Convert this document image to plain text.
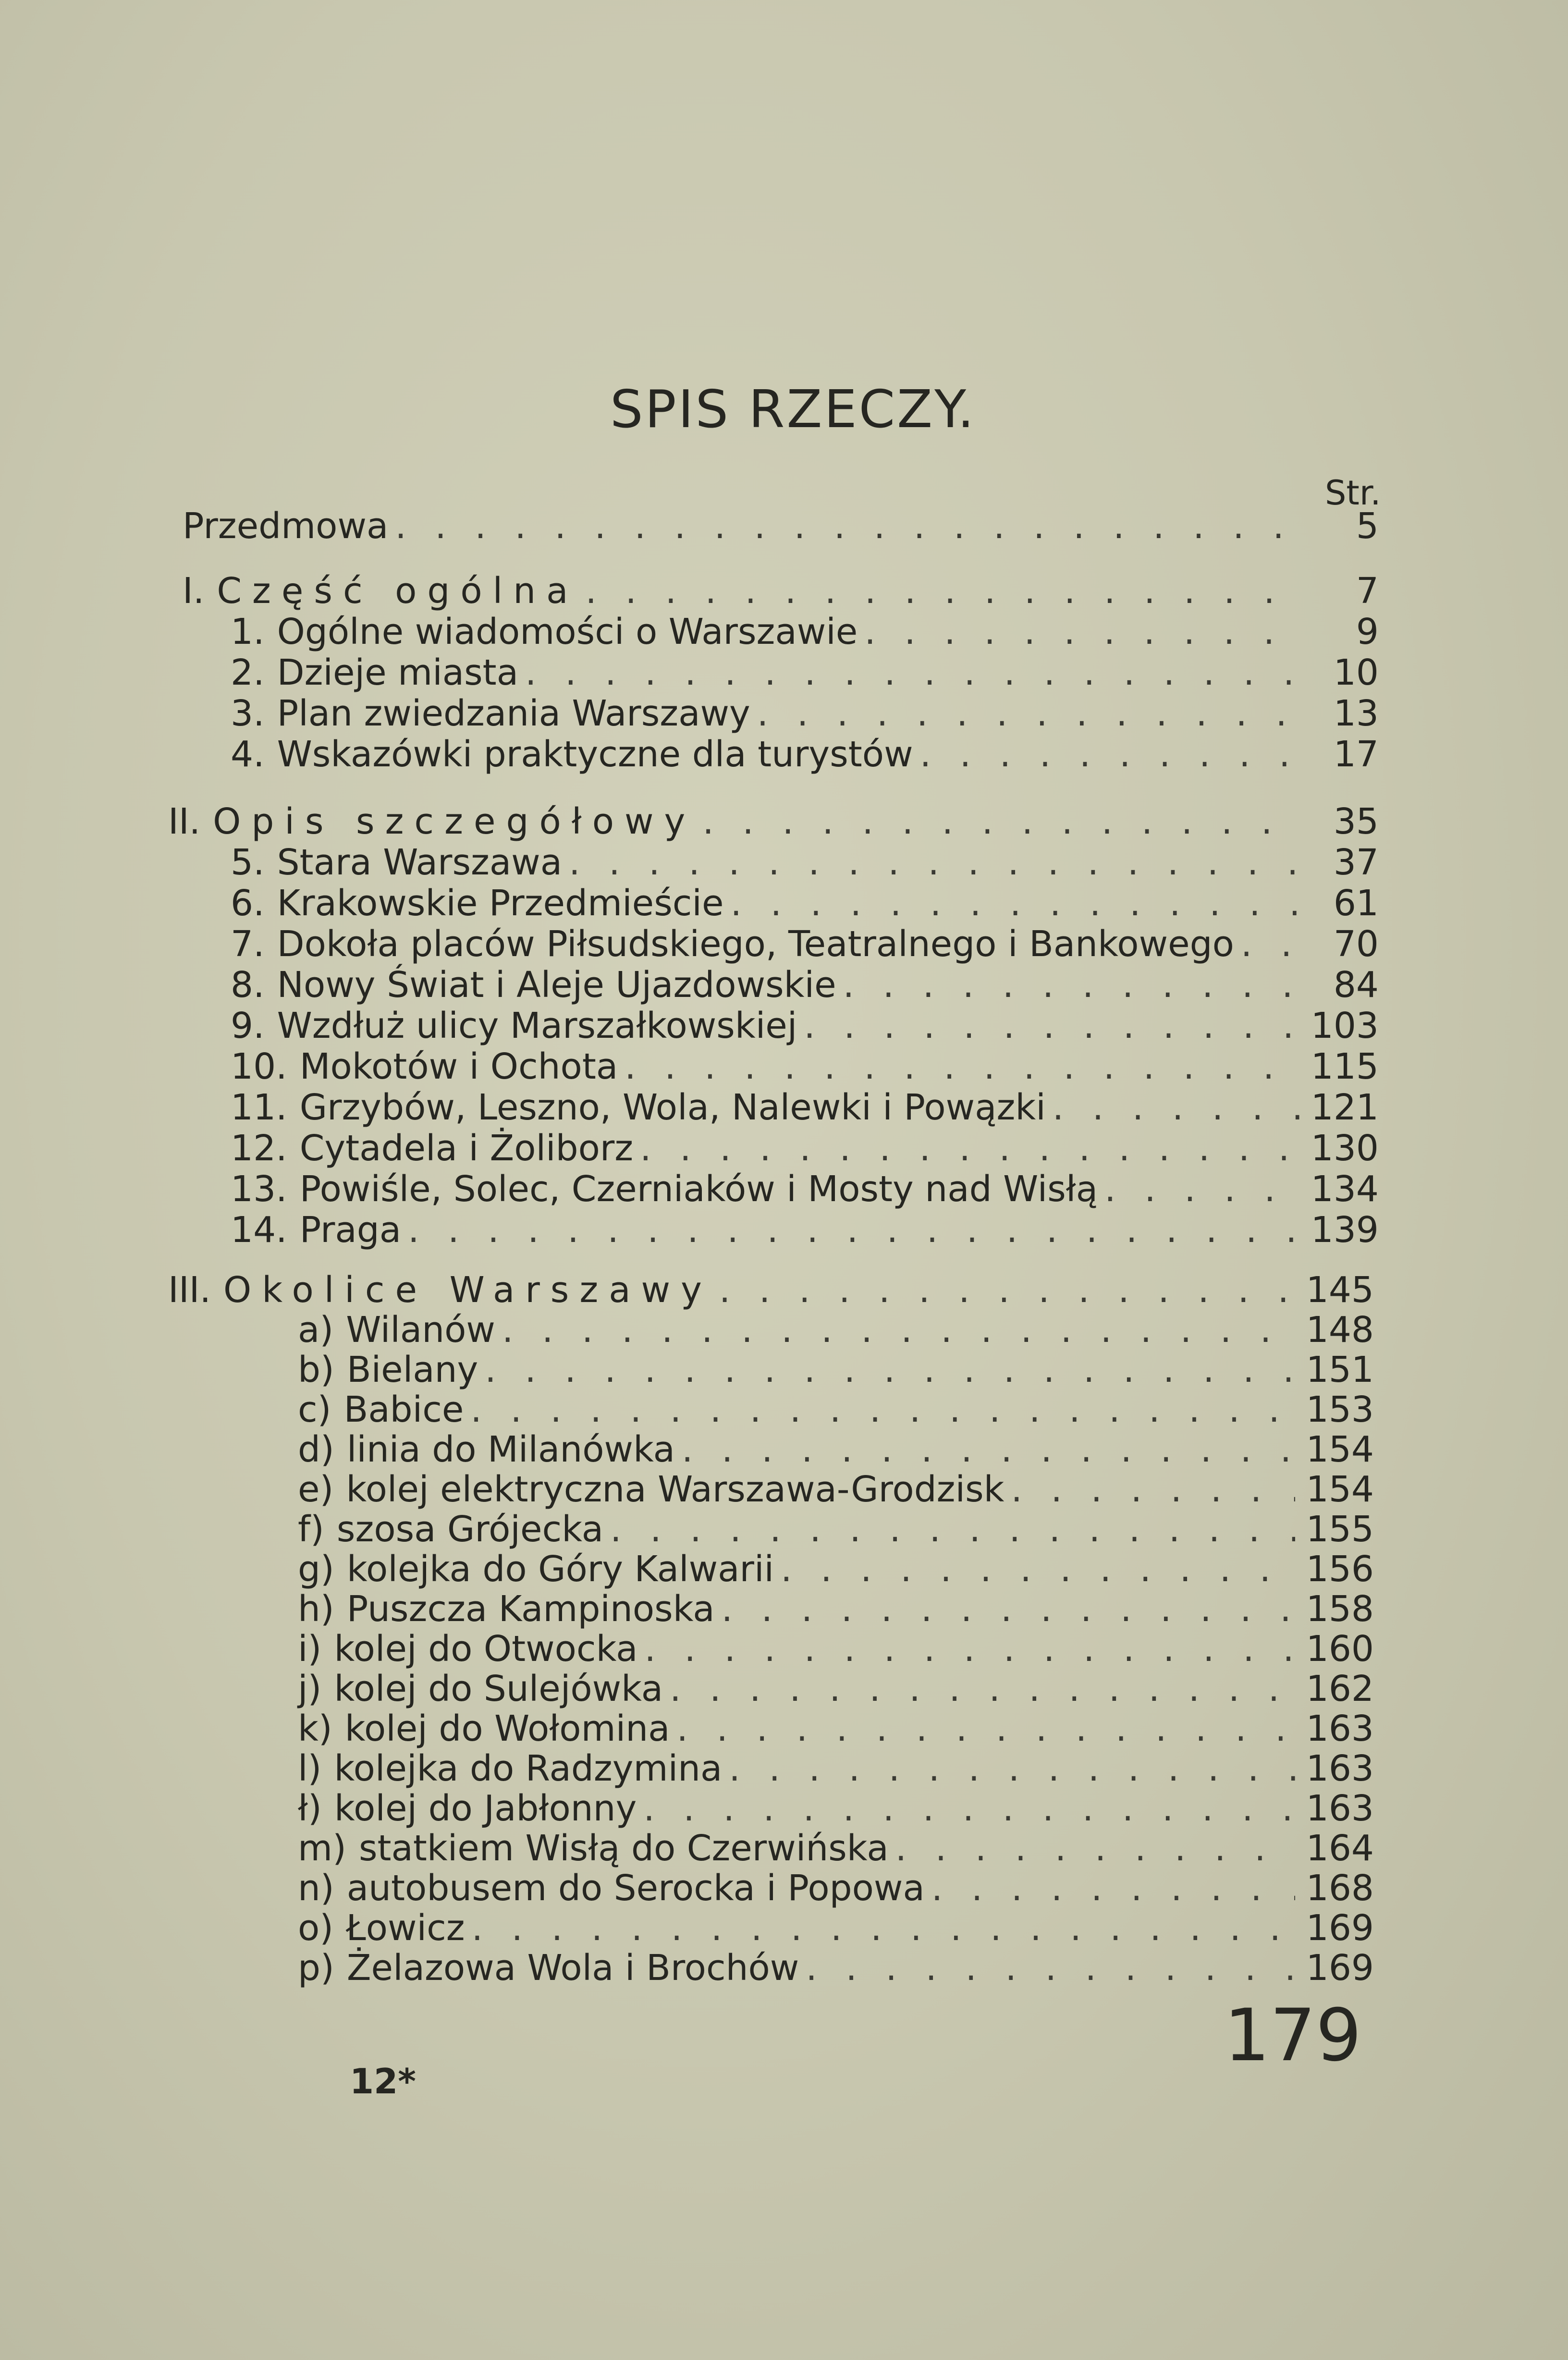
SPIS RZECZY.
Str.
Przedmowa . . .	5
I. Część ogólna . . .	7
1. Ogólne wiadomości o Warszawie . . .	9
2. Dzieje miasta . . .	10
3. Plan zwiedzania Warszawy . . .	13
4. Wskazówki praktyczne dla turystów . . .	17
II. Opis szczegółowy . . .	35
5. Stara Warszawa . . .	37
6. Krakowskie Przedmieście . . .	61
7. Dokoła placów Piłsudskiego, Teatralnego i Bankowego . . .	70
8. Nowy Świat i Aleje Ujazdowskie . . .	84
9. Wzdłuż ulicy Marszałkowskiej . . .	103
10. Mokotów i Ochota . . .	115
11. Grzybów, Leszno, Wola, Nalewki i Powązki . . .	121
12. Cytadela i Żoliborz . . .	130
13. Powiśle, Solec, Czerniaków i Mosty nad Wisłą . . .	134
14. Praga . . .	139
III. Okolice Warszawy . . .	145
a) Wilanów . . .	148
b) Bielany . . .	151
c) Babice . . .	153
d) linia do Milanówka . . .	154
e) kolej elektryczna Warszawa-Grodzisk . . .	154
f) szosa Grójecka . . .	155
g) kolejka do Góry Kalwarii . . .	156
h) Puszcza Kampinoska . . .	158
i) kolej do Otwocka . . .	160
j) kolej do Sulejówka . . .	162
k) kolej do Wołomina . . .	163
l) kolejka do Radzymina . . .	163
ł) kolej do Jabłonny . . .	163
m) statkiem Wisłą do Czerwińska . . .	164
n) autobusem do Serocka i Popowa . . .	168
o) Łowicz . . .	169
p) Żelazowa Wola i Brochów . . .	169
12*
179
